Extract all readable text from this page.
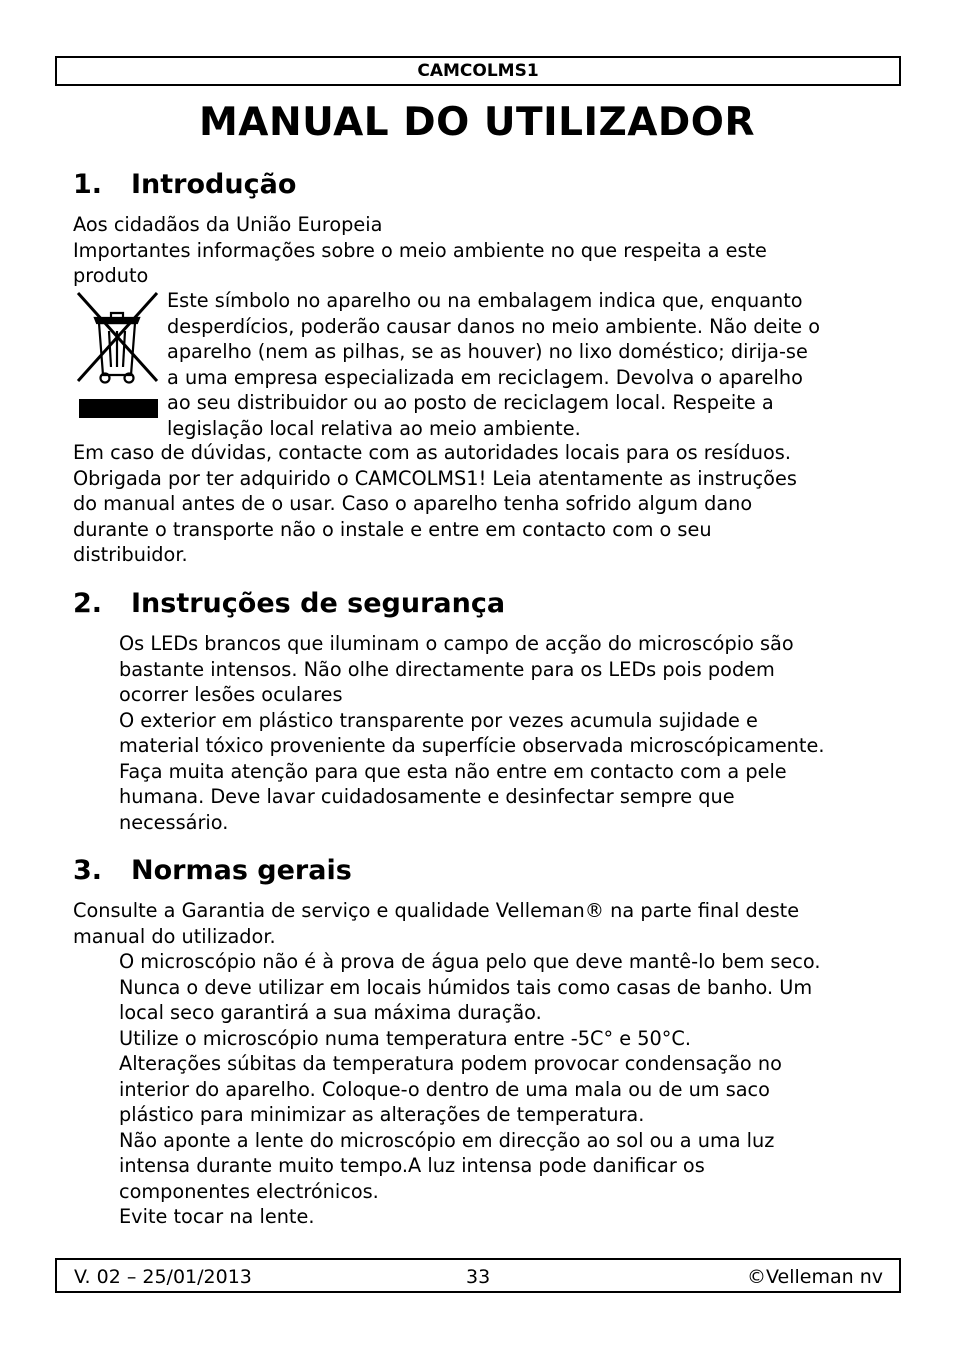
CAMCOLMS1
MANUAL DO UTILIZADOR
1. Introdução
Aos cidadãos da União Europeia
Importantes informações sobre o meio ambiente no que respeita a este
produto
Este símbolo no aparelho ou na embalagem indica que, enquanto
desperdícios, poderão causar danos no meio ambiente. Não deite o
aparelho (nem as pilhas, se as houver) no lixo doméstico; dirija-se
a uma empresa especializada em reciclagem. Devolva o aparelho
ao seu distribuidor ou ao posto de reciclagem local. Respeite a
legislação local relativa ao meio ambiente.
Em caso de dúvidas, contacte com as autoridades locais para os resíduos.
Obrigada por ter adquirido o CAMCOLMS1! Leia atentamente as instruções
do manual antes de o usar. Caso o aparelho tenha sofrido algum dano
durante o transporte não o instale e entre em contacto com o seu
distribuidor.
2. Instruções de segurança
Os LEDs brancos que iluminam o campo de acção do microscópio são
bastante intensos. Não olhe directamente para os LEDs pois podem
ocorrer lesões oculares
O exterior em plástico transparente por vezes acumula sujidade e
material tóxico proveniente da superfície observada microscópicamente.
Faça muita atenção para que esta não entre em contacto com a pele
humana. Deve lavar cuidadosamente e desinfectar sempre que
necessário.
3. Normas gerais
Consulte a Garantia de serviço e qualidade Velleman® na parte final deste
manual do utilizador.
O microscópio não é à prova de água pelo que deve mantê-lo bem seco.
Nunca o deve utilizar em locais húmidos tais como casas de banho. Um
local seco garantirá a sua máxima duração.
Utilize o microscópio numa temperatura entre -5C° e 50°C.
Alterações súbitas da temperatura podem provocar condensação no
interior do aparelho. Coloque-o dentro de uma mala ou de um saco
plástico para minimizar as alterações de temperatura.
Não aponte a lente do microscópio em direcção ao sol ou a uma luz
intensa durante muito tempo.A luz intensa pode danificar os
componentes electrónicos.
Evite tocar na lente.
V. 02 – 25/01/2013	33	©Velleman nv
